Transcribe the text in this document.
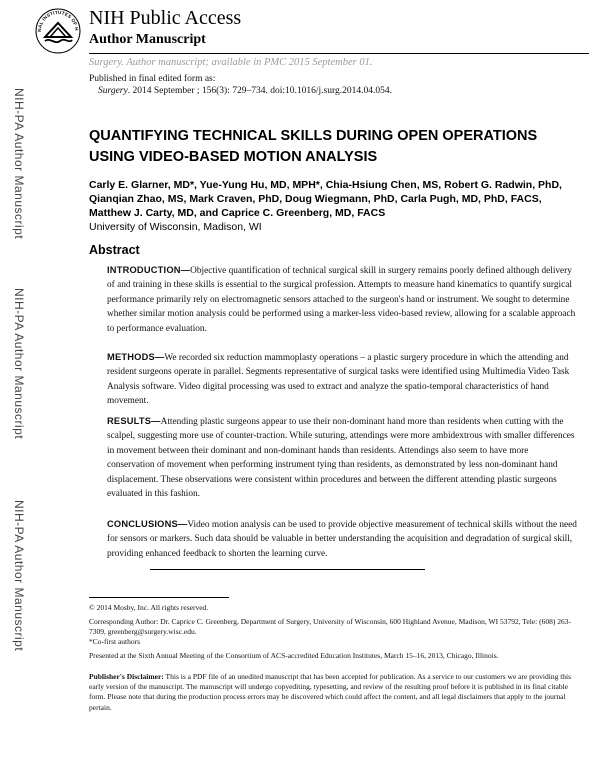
NAL INSTITUTES OF H NIH Public Access
Author Manuscript
Surgery. Author manuscript; available in PMC 2015 September 01.
Published in final edited form as:
Surgery. 2014 September ; 156(3): 729–734. doi:10.1016/j.surg.2014.04.054.
NIH-PA Author Manuscript
NIH-PA Author Manuscript
NIH-PA Author Manuscript
QUANTIFYING TECHNICAL SKILLS DURING OPEN OPERATIONS USING VIDEO-BASED MOTION ANALYSIS
Carly E. Glarner, MD*, Yue-Yung Hu, MD, MPH*, Chia-Hsiung Chen, MS, Robert G. Radwin, PhD, Qianqian Zhao, MS, Mark Craven, PhD, Doug Wiegmann, PhD, Carla Pugh, MD, PhD, FACS, Matthew J. Carty, MD, and Caprice C. Greenberg, MD, FACS
University of Wisconsin, Madison, WI
Abstract
INTRODUCTION—Objective quantification of technical surgical skill in surgery remains poorly defined although delivery of and training in these skills is essential to the surgical profession. Attempts to measure hand kinematics to quantify surgical performance primarily rely on electromagnetic sensors attached to the surgeon's hand or instrument. We sought to determine whether similar motion analysis could be performed using a marker-less video-based review, allowing for a scalable approach to performance evaluation.
METHODS—We recorded six reduction mammoplasty operations – a plastic surgery procedure in which the attending and resident surgeons operate in parallel. Segments representative of surgical tasks were identified using Multimedia Video Task Analysis software. Video digital processing was used to extract and analyze the spatio-temporal characteristics of hand movement.
RESULTS—Attending plastic surgeons appear to use their non-dominant hand more than residents when cutting with the scalpel, suggesting more use of counter-traction. While suturing, attendings were more ambidextrous with smaller differences in movement between their dominant and non-dominant hands than residents. Attendings also seem to have more conservation of movement when performing instrument tying than residents, as demonstrated by less non-dominant hand displacement. These observations were consistent within procedures and between the different attending plastic surgeons evaluated in this fashion.
CONCLUSIONS—Video motion analysis can be used to provide objective measurement of technical skills without the need for sensors or markers. Such data should be valuable in better understanding the acquisition and degradation of surgical skill, providing enhanced feedback to shorten the learning curve.
© 2014 Mosby, Inc. All rights reserved.
Corresponding Author: Dr. Caprice C. Greenberg, Department of Surgery, University of Wisconsin, 600 Highland Avenue, Madison, WI 53792, Tele: (608) 263-7309, greenberg@surgery.wisc.edu.
*Co-first authors
Presented at the Sixth Annual Meeting of the Consortium of ACS-accredited Education Institutes, March 15–16, 2013, Chicago, Illinois.
Publisher's Disclaimer: This is a PDF file of an unedited manuscript that has been accepted for publication. As a service to our customers we are providing this early version of the manuscript. The manuscript will undergo copyediting, typesetting, and review of the resulting proof before it is published in its final citable form. Please note that during the production process errors may be discovered which could affect the content, and all legal disclaimers that apply to the journal pertain.
